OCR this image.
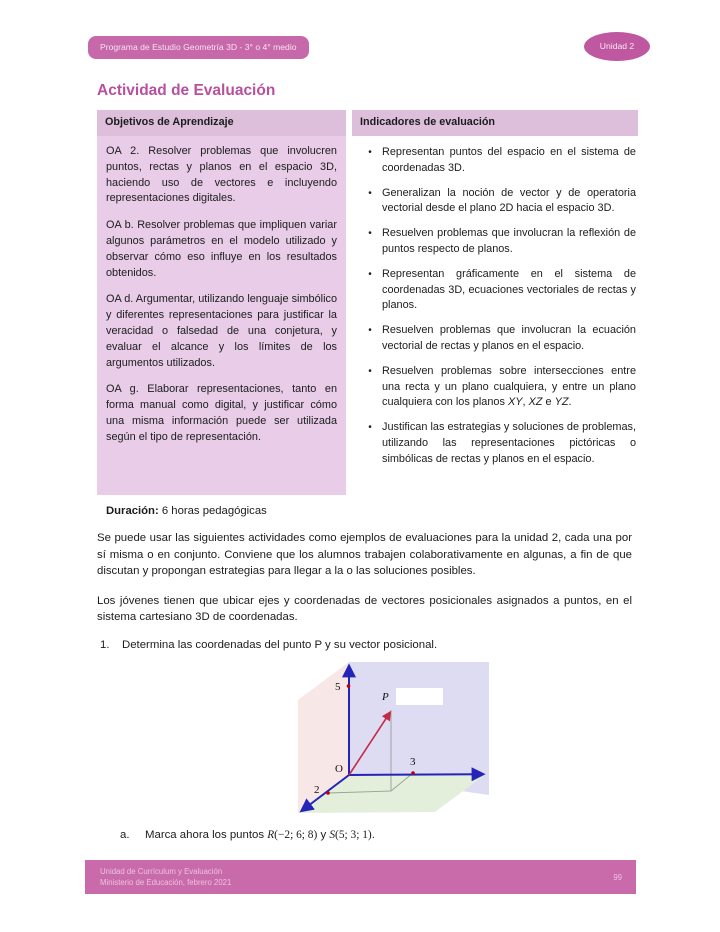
Programa de Estudio Geometría 3D - 3° o 4° medio	Unidad 2
Actividad de Evaluación
Objetivos de Aprendizaje

OA 2. Resolver problemas que involucren puntos, rectas y planos en el espacio 3D, haciendo uso de vectores e incluyendo representaciones digitales.

OA b. Resolver problemas que impliquen variar algunos parámetros en el modelo utilizado y observar cómo eso influye en los resultados obtenidos.

OA d. Argumentar, utilizando lenguaje simbólico y diferentes representaciones para justificar la veracidad o falsedad de una conjetura, y evaluar el alcance y los límites de los argumentos utilizados.

OA g. Elaborar representaciones, tanto en forma manual como digital, y justificar cómo una misma información puede ser utilizada según el tipo de representación.

Indicadores de evaluación
• Representan puntos del espacio en el sistema de coordenadas 3D.
• Generalizan la noción de vector y de operatoria vectorial desde el plano 2D hacia el espacio 3D.
• Resuelven problemas que involucran la reflexión de puntos respecto de planos.
• Representan gráficamente en el sistema de coordenadas 3D, ecuaciones vectoriales de rectas y planos.
• Resuelven problemas que involucran la ecuación vectorial de rectas y planos en el espacio.
• Resuelven problemas sobre intersecciones entre una recta y un plano cualquiera, y entre un plano cualquiera con los planos XY, XZ e YZ.
• Justifican las estrategias y soluciones de problemas, utilizando las representaciones pictóricas o simbólicas de rectas y planos en el espacio.

Duración: 6 horas pedagógicas

Se puede usar las siguientes actividades como ejemplos de evaluaciones para la unidad 2, cada una por sí misma o en conjunto. Conviene que los alumnos trabajen colaborativamente en algunas, a fin de que discutan y propongan estrategias para llegar a la o las soluciones posibles.

Los jóvenes tienen que ubicar ejes y coordenadas de vectores posicionales asignados a puntos, en el sistema cartesiano 3D de coordenadas.

1.	Determina las coordenadas del punto P y su vector posicional.
5
P
O
3
2
a.	Marca ahora los puntos R(−2; 6; 8) y S(5; 3; 1).
Unidad de Currículum y Evaluación
Ministerio de Educación, febrero 2021
99
